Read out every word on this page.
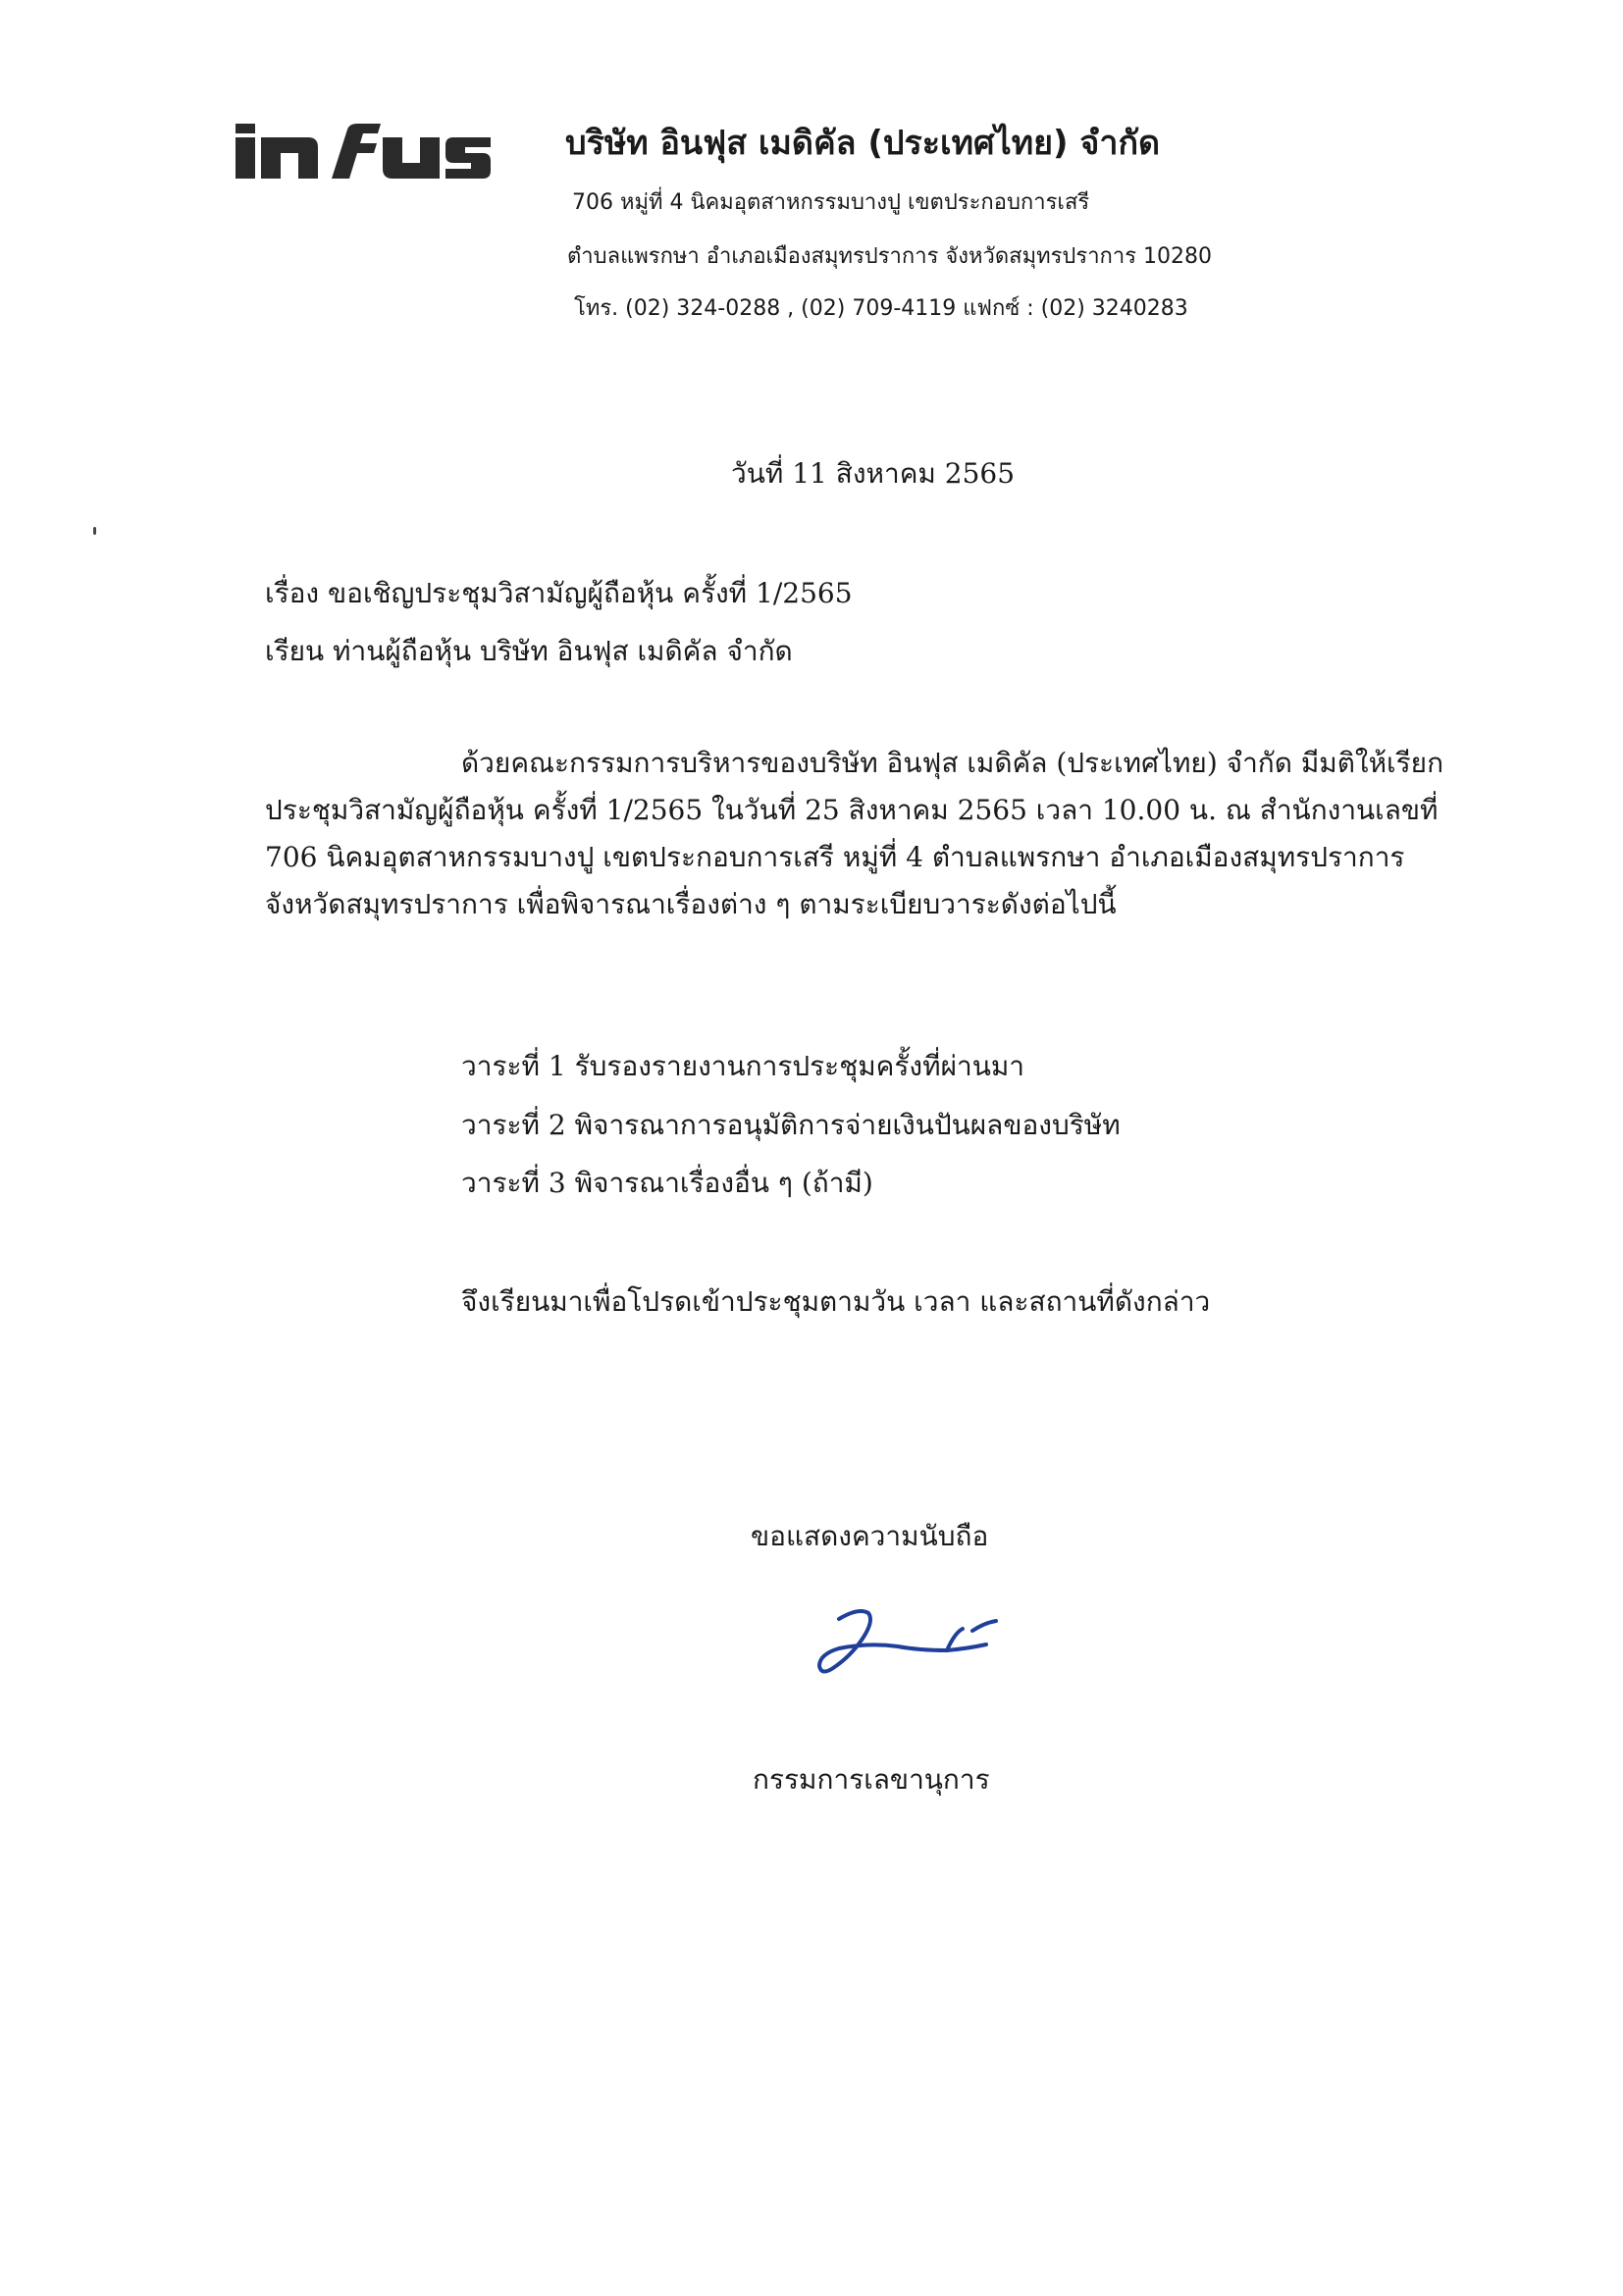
infus	บริษัท อินฟุส เมดิคัล (ประเทศไทย) จำกัด
706 หมู่ที่ 4 นิคมอุตสาหกรรมบางปู เขตประกอบการเสรี
ตำบลแพรกษา อำเภอเมืองสมุทรปราการ จังหวัดสมุทรปราการ 10280
โทร. (02) 324-0288 , (02) 709-4119 แฟกซ์ : (02) 3240283
วันที่ 11 สิงหาคม 2565
เรื่อง ขอเชิญประชุมวิสามัญผู้ถือหุ้น ครั้งที่ 1/2565
เรียน ท่านผู้ถือหุ้น บริษัท อินฟุส เมดิคัล จำกัด
ด้วยคณะกรรมการบริหารของบริษัท อินฟุส เมดิคัล (ประเทศไทย) จำกัด มีมติให้เรียก
ประชุมวิสามัญผู้ถือหุ้น ครั้งที่ 1/2565 ในวันที่ 25 สิงหาคม 2565 เวลา 10.00 น. ณ สำนักงานเลขที่
706 นิคมอุตสาหกรรมบางปู เขตประกอบการเสรี หมู่ที่ 4 ตำบลแพรกษา อำเภอเมืองสมุทรปราการ
จังหวัดสมุทรปราการ เพื่อพิจารณาเรื่องต่าง ๆ ตามระเบียบวาระดังต่อไปนี้
วาระที่ 1 รับรองรายงานการประชุมครั้งที่ผ่านมา
วาระที่ 2 พิจารณาการอนุมัติการจ่ายเงินปันผลของบริษัท
วาระที่ 3 พิจารณาเรื่องอื่น ๆ (ถ้ามี)
จึงเรียนมาเพื่อโปรดเข้าประชุมตามวัน เวลา และสถานที่ดังกล่าว
ขอแสดงความนับถือ
กรรมการเลขานุการ
